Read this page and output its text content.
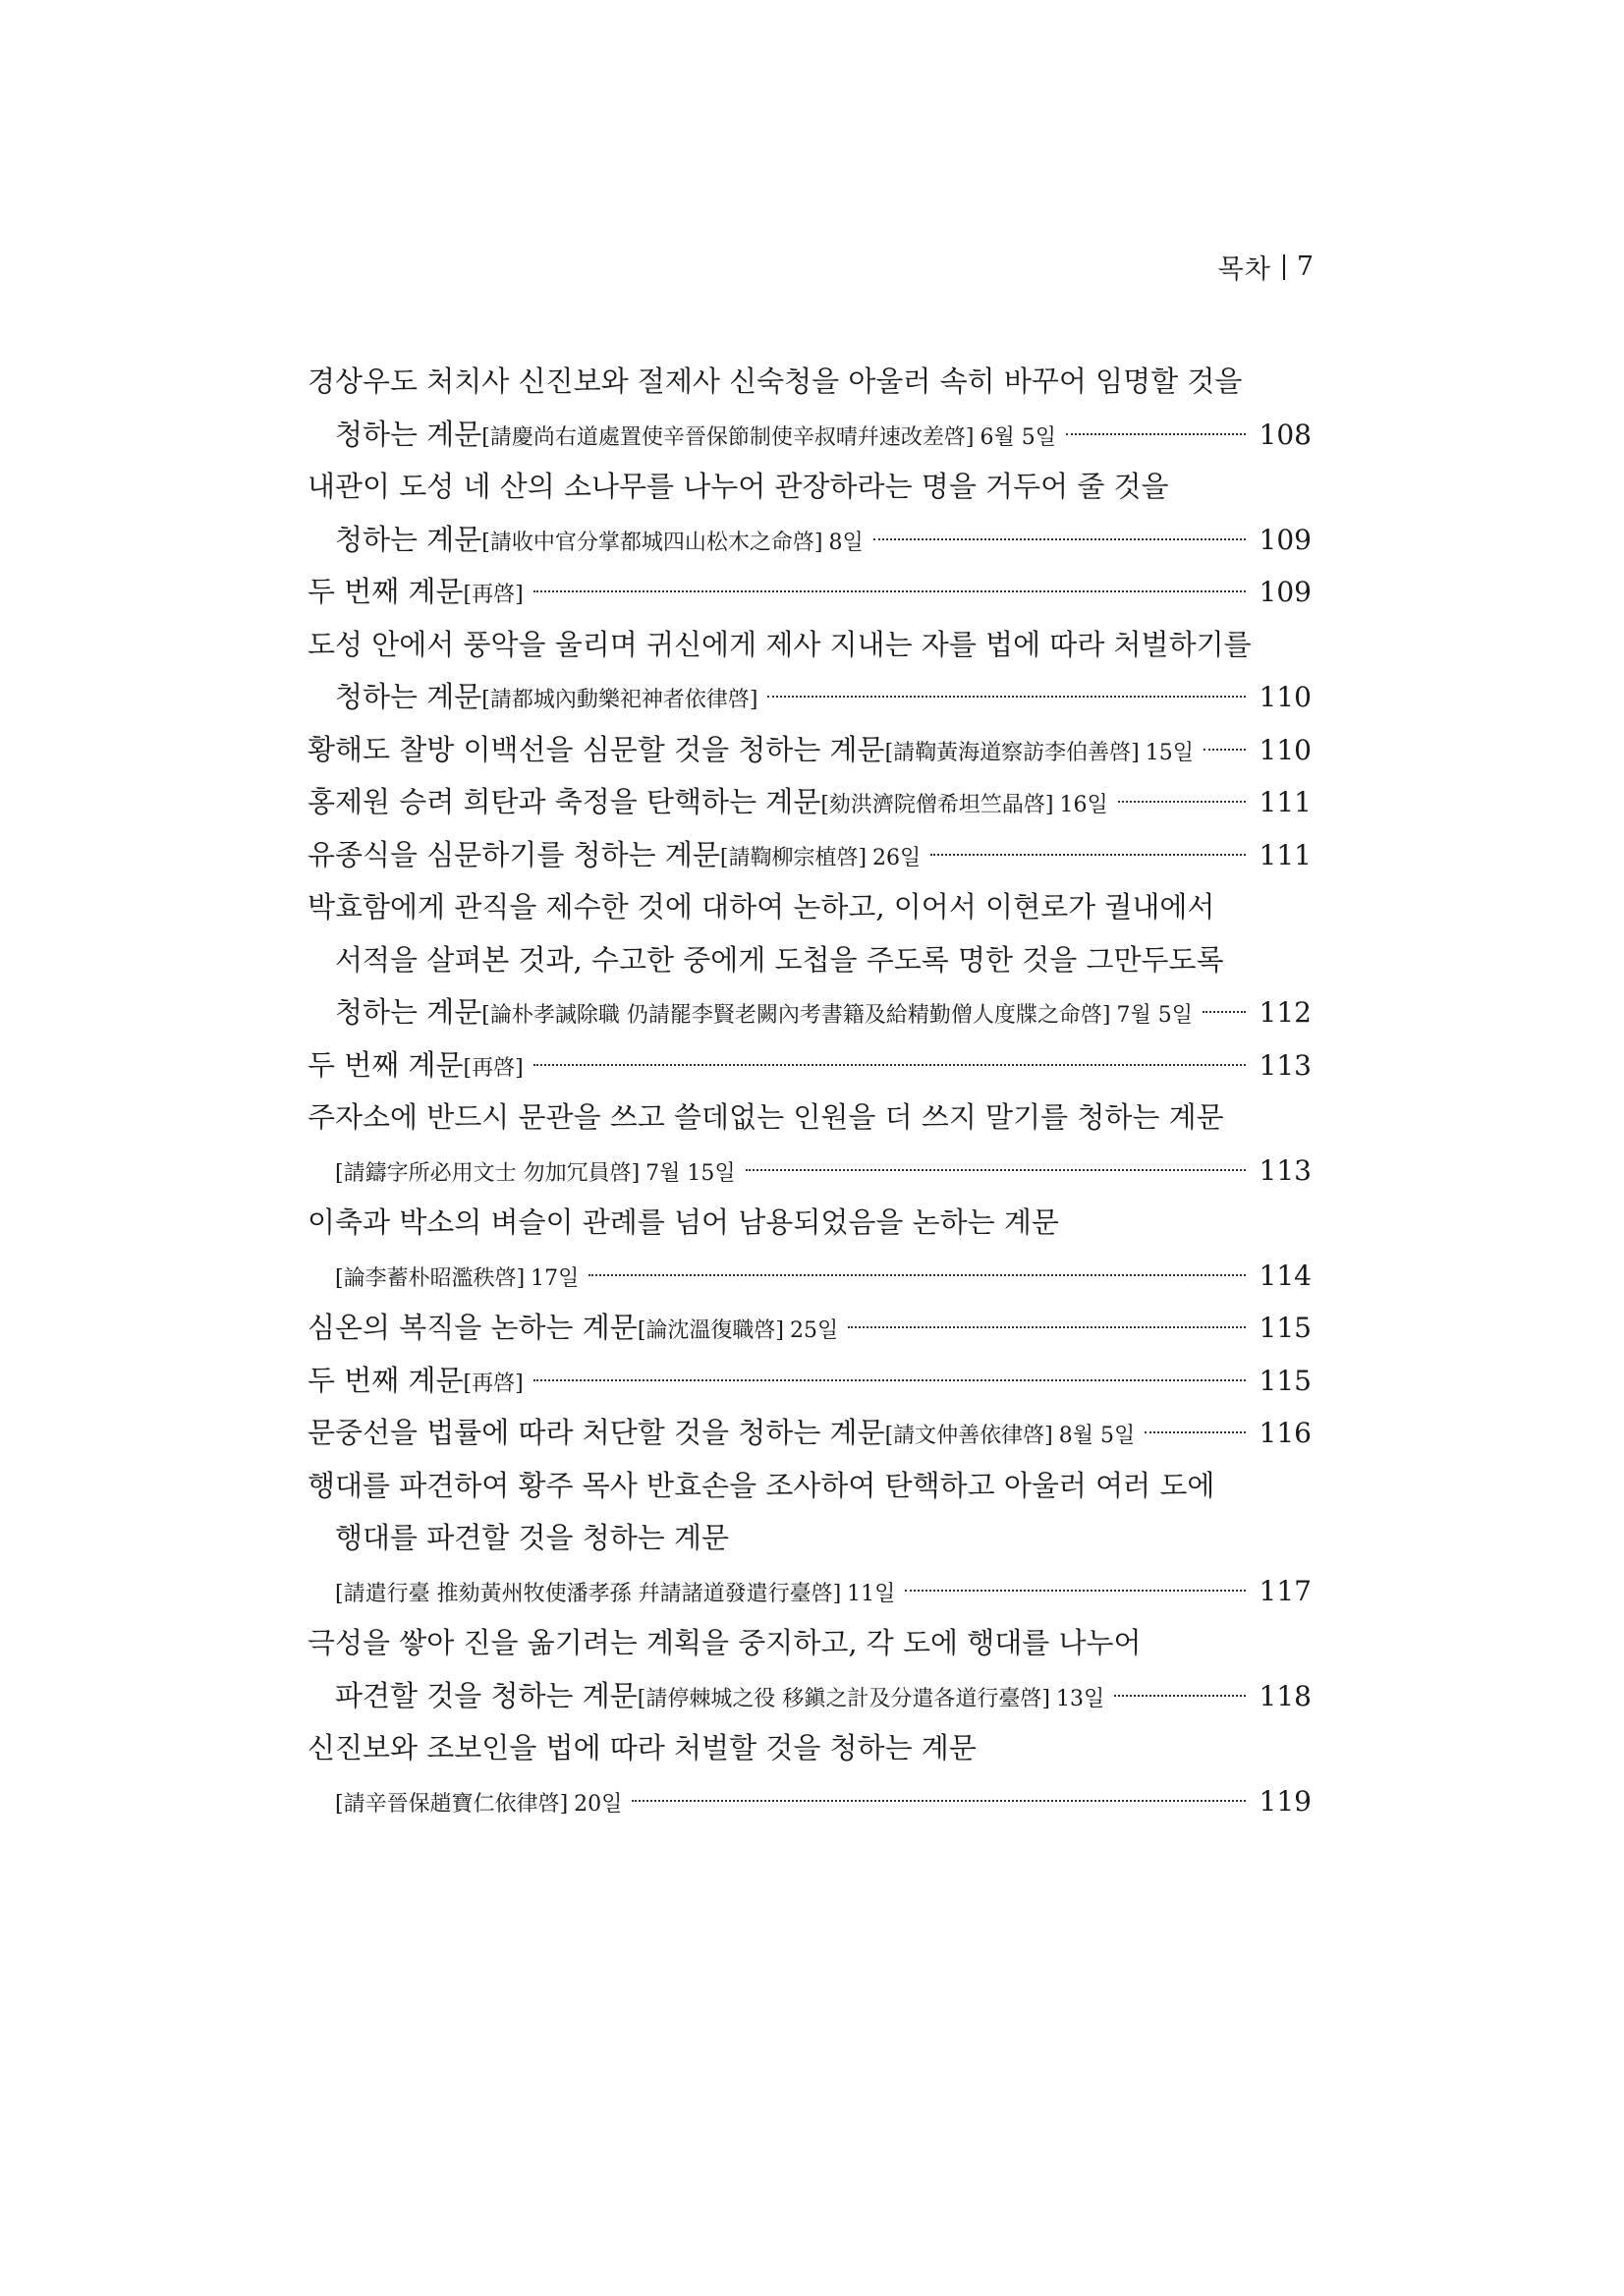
목차 7
경상우도 처치사 신진보와 절제사 신숙청을 아울러 속히 바꾸어 임명할 것을
청하는 계문[請慶尚右道處置使辛晉保節制使辛叔晴幷速改差啓] 6월 5일	108
내관이 도성 네 산의 소나무를 나누어 관장하라는 명을 거두어 줄 것을
청하는 계문[請收中官分掌都城四山松木之命啓] 8일	109
두 번째 계문[再啓]	109
도성 안에서 풍악을 울리며 귀신에게 제사 지내는 자를 법에 따라 처벌하기를
청하는 계문[請都城內動樂祀神者依律啓]	110
황해도 찰방 이백선을 심문할 것을 청하는 계문[請鞫黃海道察訪李伯善啓] 15일 110
홍제원 승려 희탄과 축정을 탄핵하는 계문[劾洪濟院僧希坦竺晶啓] 16일	111
유종식을 심문하기를 청하는 계문[請鞫柳宗植啓] 26일	111
박효함에게 관직을 제수한 것에 대하여 논하고, 이어서 이현로가 궐내에서
서적을 살펴본 것과, 수고한 중에게 도첩을 주도록 명한 것을 그만두도록
청하는 계문[論朴孝諴除職 仍請罷李賢老闕內考書籍及給精勤僧人度牒之命啓] 7월 5일 112
두 번째 계문[再啓]	113
주자소에 반드시 문관을 쓰고 쓸데없는 인원을 더 쓰지 말기를 청하는 계문
[請鑄字所必用文士 勿加冗員啓] 7월 15일	113
이축과 박소의 벼슬이 관례를 넘어 남용되었음을 논하는 계문
[論李蓄朴昭濫秩啓] 17일	114
심온의 복직을 논하는 계문[論沈溫復職啓] 25일	115
두 번째 계문[再啓]	115
문중선을 법률에 따라 처단할 것을 청하는 계문[請文仲善依律啓] 8월 5일	116
행대를 파견하여 황주 목사 반효손을 조사하여 탄핵하고 아울러 여러 도에
행대를 파견할 것을 청하는 계문
[請遣行臺 推劾黃州牧使潘孝孫 幷請諸道發遣行臺啓] 11일	117
극성을 쌓아 진을 옮기려는 계획을 중지하고, 각 도에 행대를 나누어
파견할 것을 청하는 계문[請停棘城之役 移鎭之計及分遣各道行臺啓] 13일	118
신진보와 조보인을 법에 따라 처벌할 것을 청하는 계문
[請辛晉保趙寶仁依律啓] 20일	119
